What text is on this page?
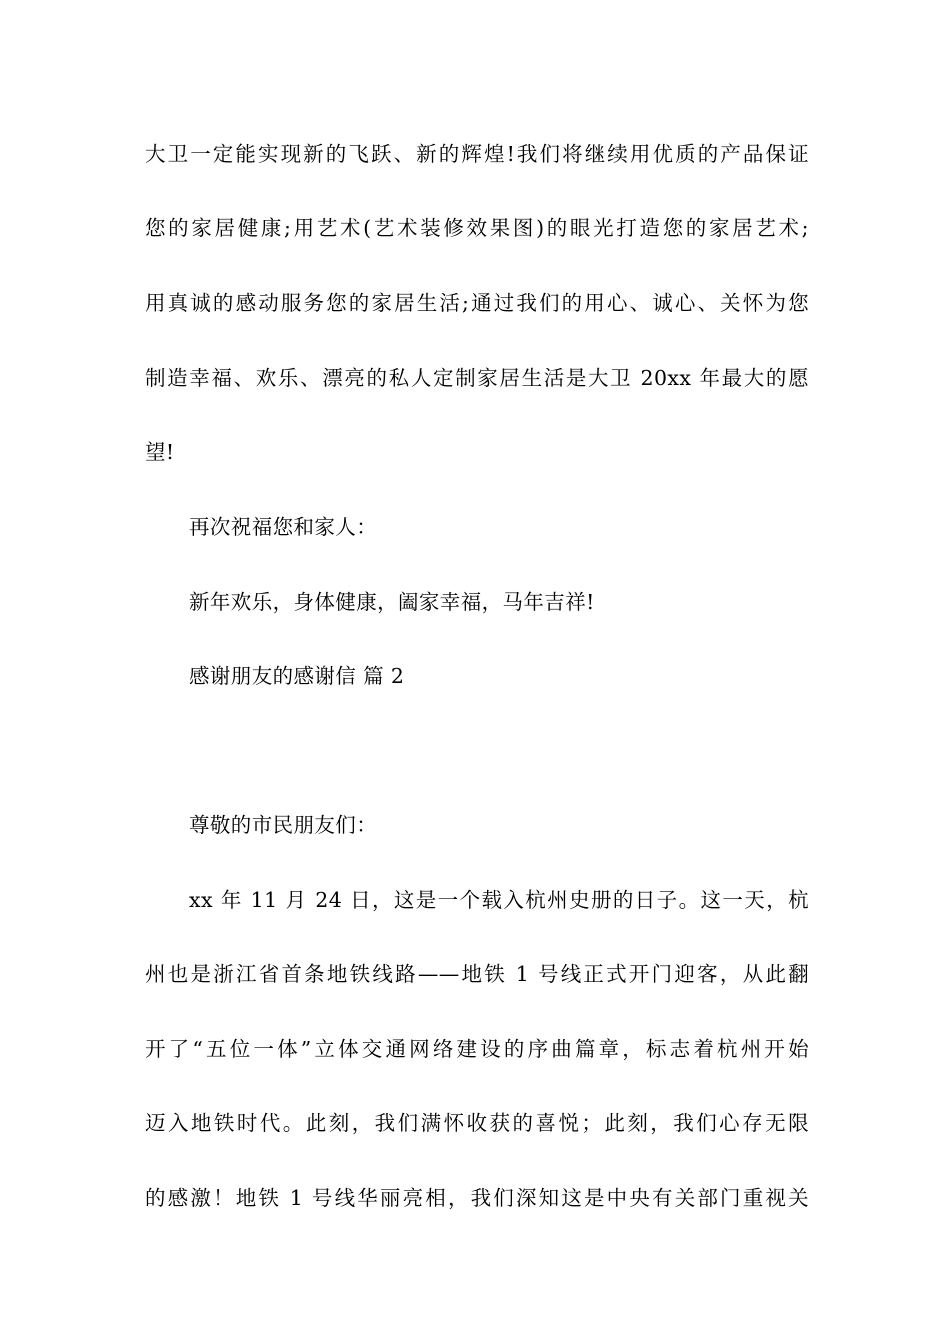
大卫一定能实现新的飞跃、新的辉煌!我们将继续用优质的产品保证
您的家居健康;用艺术(艺术装修效果图)的眼光打造您的家居艺术;
用真诚的感动服务您的家居生活;通过我们的用心、诚心、关怀为您
制造幸福、欢乐、漂亮的私人定制家居生活是大卫 20xx 年最大的愿
望!
再次祝福您和家人：
新年欢乐，身体健康，阖家幸福，马年吉祥!
感谢朋友的感谢信 篇 2
尊敬的市民朋友们：
xx 年 11 月 24 日，这是一个载入杭州史册的日子。这一天，杭
州也是浙江省首条地铁线路——地铁 1 号线正式开门迎客，从此翻
开了“五位一体”立体交通网络建设的序曲篇章，标志着杭州开始
迈入地铁时代。此刻，我们满怀收获的喜悦；此刻，我们心存无限
的感激！地铁 1 号线华丽亮相，我们深知这是中央有关部门重视关
